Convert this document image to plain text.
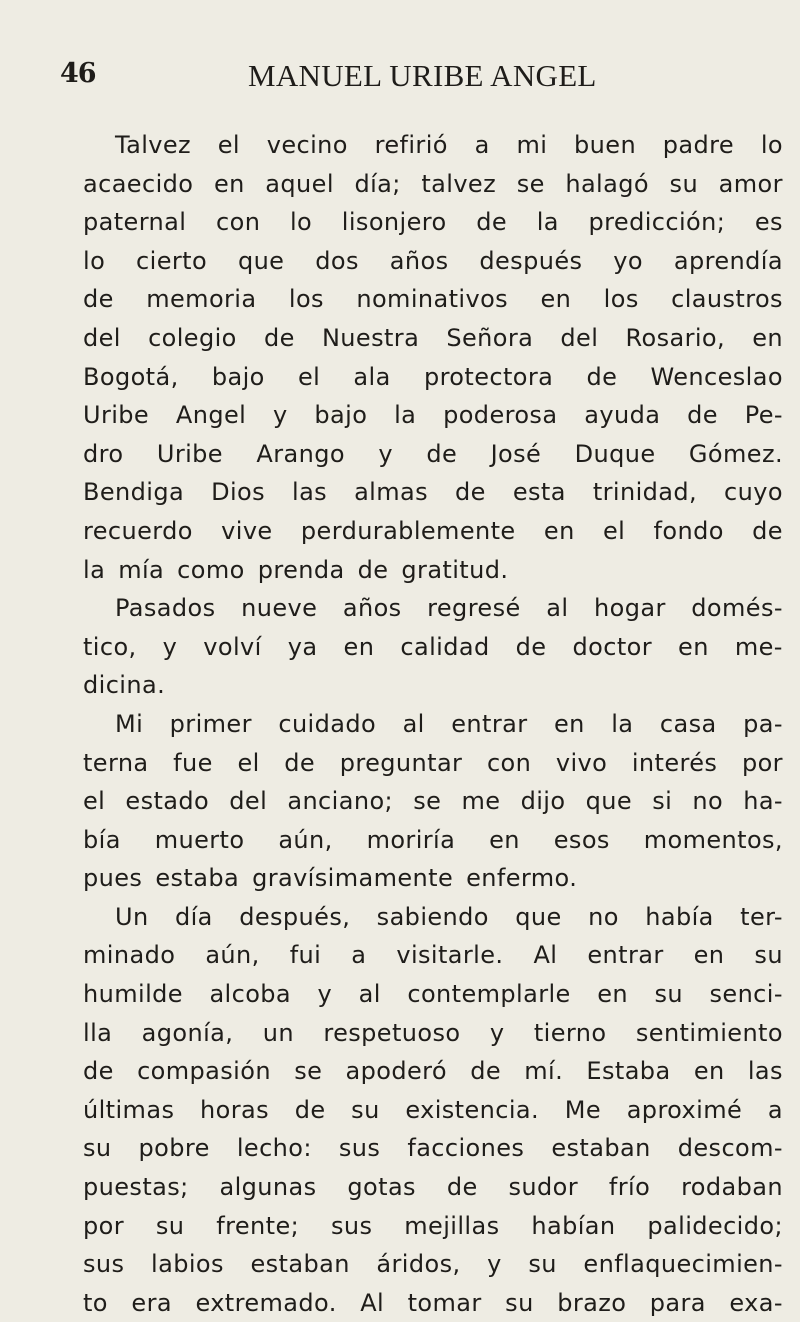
46	MANUEL URIBE ANGEL
Talvez el vecino refirió a mi buen padre lo
acaecido en aquel día; talvez se halagó su amor
paternal con lo lisonjero de la predicción; es
lo cierto que dos años después yo aprendía
de memoria los nominativos en los claustros
del colegio de Nuestra Señora del Rosario, en
Bogotá, bajo el ala protectora de Wenceslao
Uribe Angel y bajo la poderosa ayuda de Pe-
dro Uribe Arango y de José Duque Gómez.
Bendiga Dios las almas de esta trinidad, cuyo
recuerdo vive perdurablemente en el fondo de
la mía como prenda de gratitud.
Pasados nueve años regresé al hogar domés-
tico, y volví ya en calidad de doctor en me-
dicina.
Mi primer cuidado al entrar en la casa pa-
terna fue el de preguntar con vivo interés por
el estado del anciano; se me dijo que si no ha-
bía muerto aún, moriría en esos momentos,
pues estaba gravísimamente enfermo.
Un día después, sabiendo que no había ter-
minado aún, fui a visitarle. Al entrar en su
humilde alcoba y al contemplarle en su senci-
lla agonía, un respetuoso y tierno sentimiento
de compasión se apoderó de mí. Estaba en las
últimas horas de su existencia. Me aproximé a
su pobre lecho: sus facciones estaban descom-
puestas; algunas gotas de sudor frío rodaban
por su frente; sus mejillas habían palidecido;
sus labios estaban áridos, y su enflaquecimien-
to era extremado. Al tomar su brazo para exa-
